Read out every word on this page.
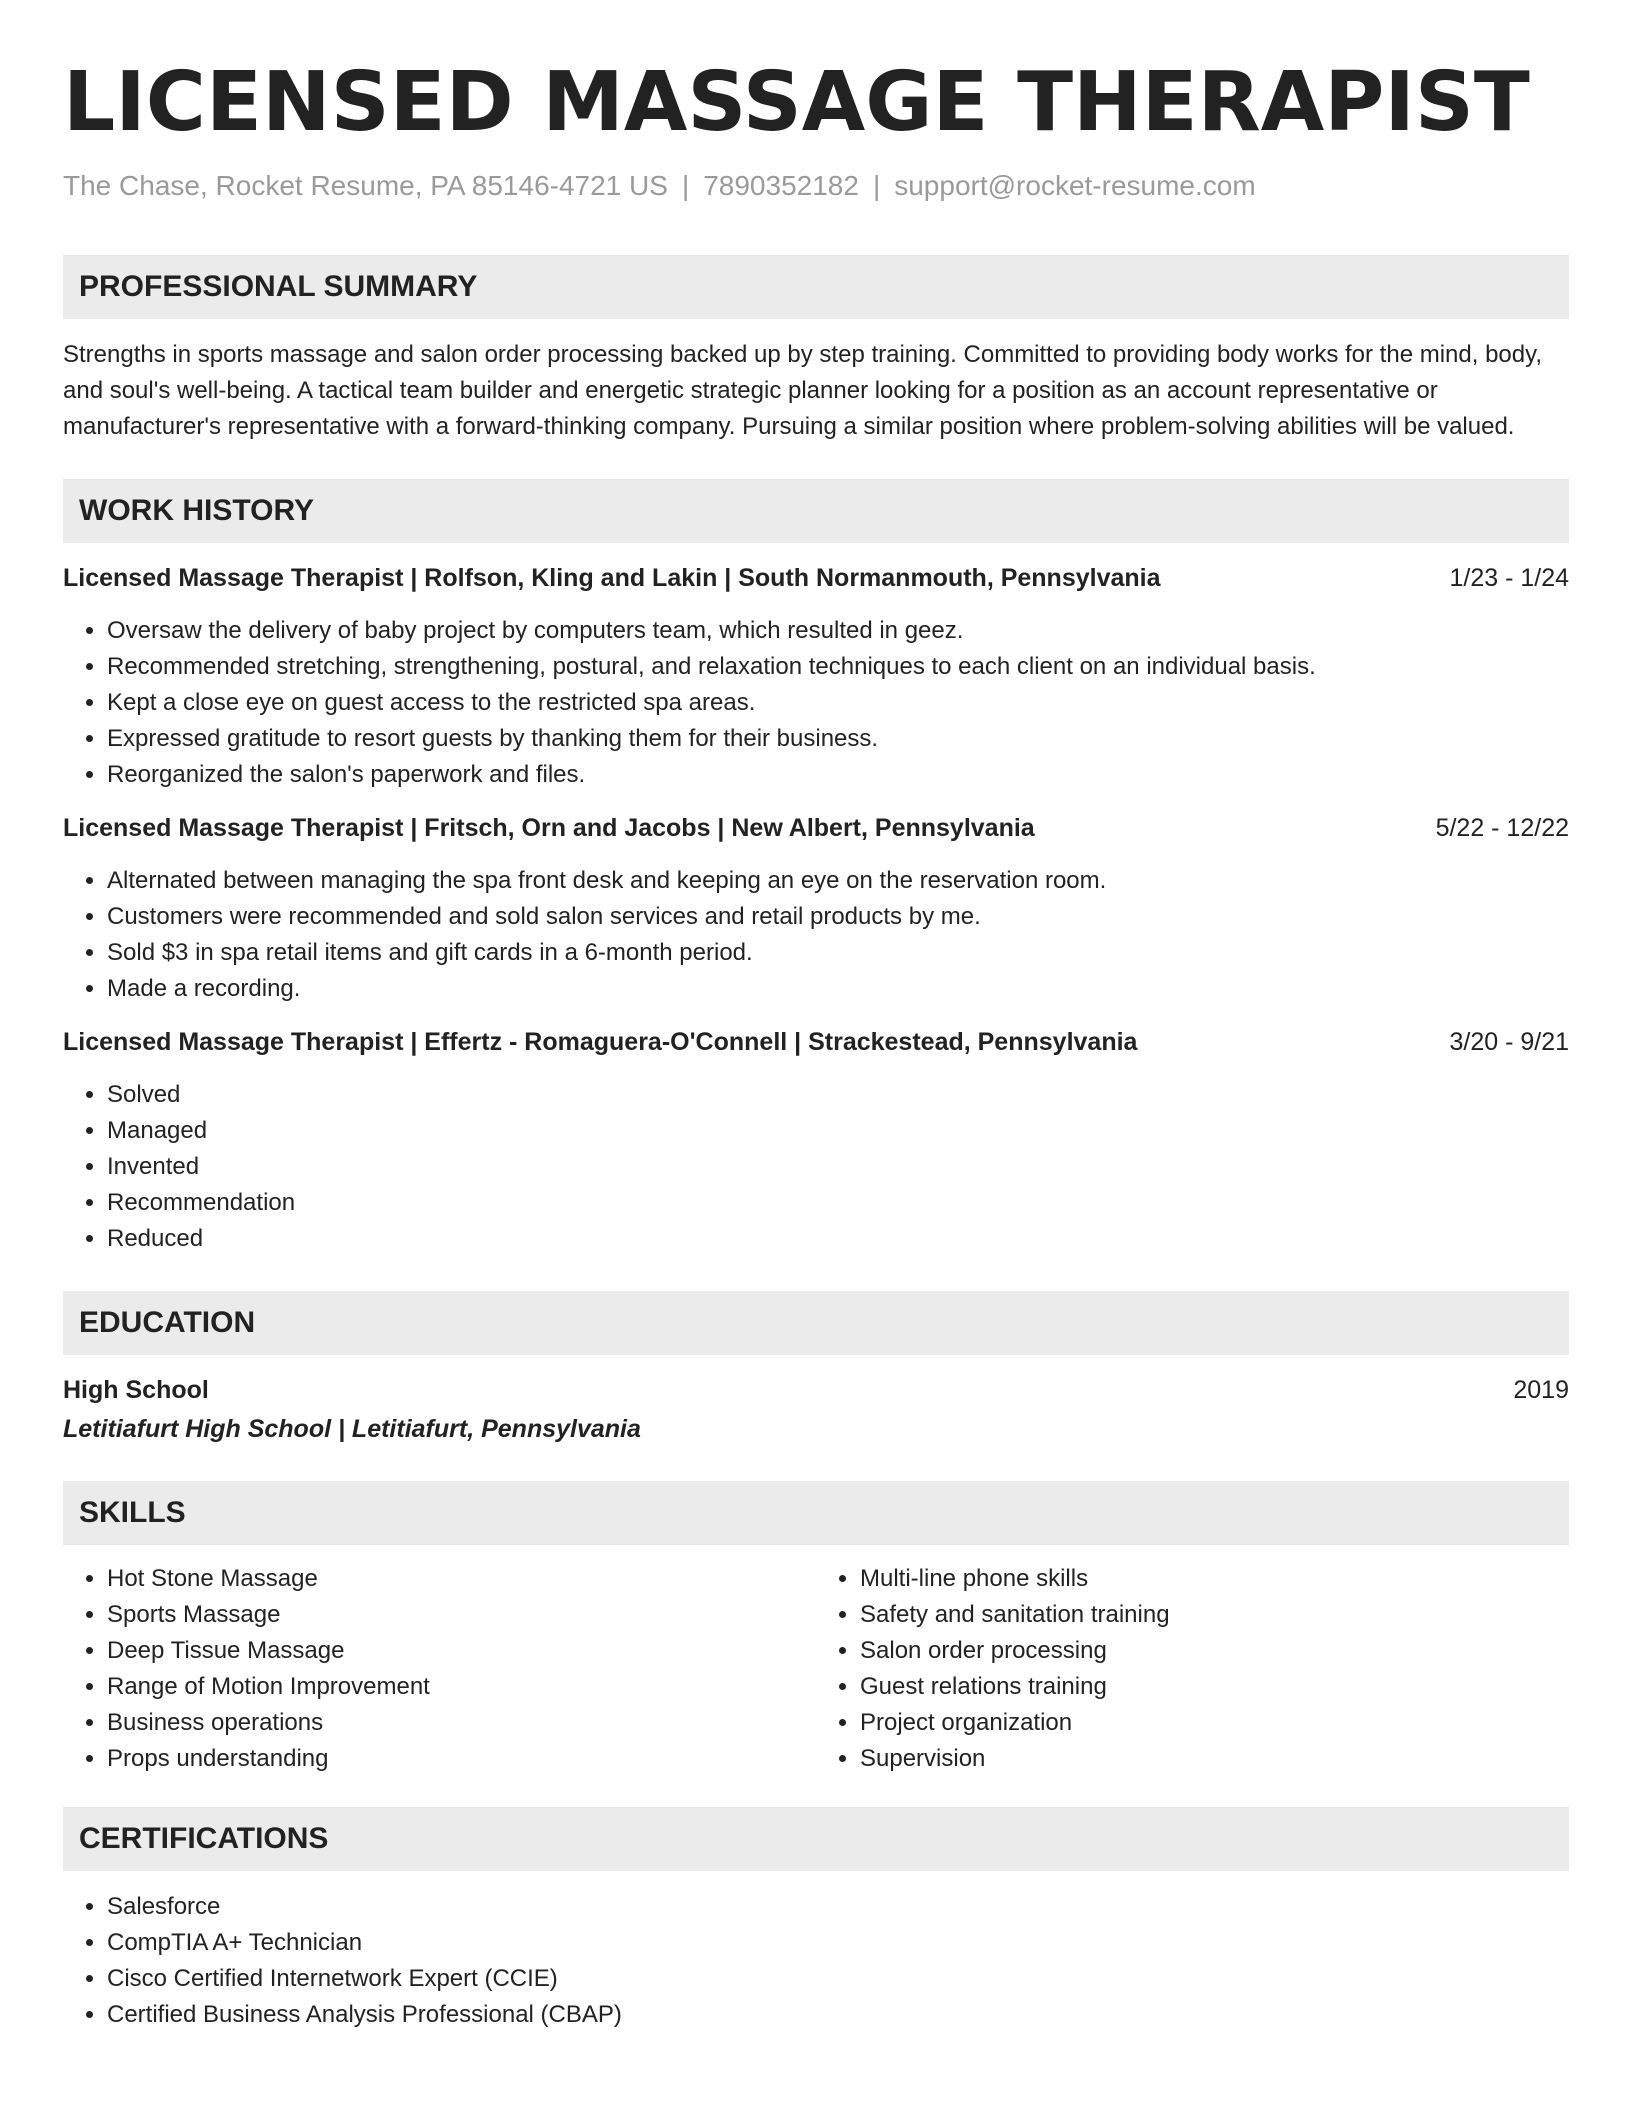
LICENSED MASSAGE THERAPIST
The Chase, Rocket Resume, PA 85146-4721 US | 7890352182 | support@rocket-resume.com
PROFESSIONAL SUMMARY

Strengths in sports massage and salon order processing backed up by step training. Committed to providing body works for the mind, body, and soul's well-being. A tactical team builder and energetic strategic planner looking for a position as an account representative or manufacturer's representative with a forward-thinking company. Pursuing a similar position where problem-solving abilities will be valued.

WORK HISTORY
Licensed Massage Therapist | Rolfson, Kling and Lakin | South Normanmouth, Pennsylvania	1/23 - 1/24
• Oversaw the delivery of baby project by computers team, which resulted in geez.
• Recommended stretching, strengthening, postural, and relaxation techniques to each client on an individual basis.
• Kept a close eye on guest access to the restricted spa areas.
• Expressed gratitude to resort guests by thanking them for their business.
• Reorganized the salon's paperwork and files.
Licensed Massage Therapist | Fritsch, Orn and Jacobs | New Albert, Pennsylvania	5/22 - 12/22
• Alternated between managing the spa front desk and keeping an eye on the reservation room.
• Customers were recommended and sold salon services and retail products by me.
• Sold $3 in spa retail items and gift cards in a 6-month period.
• Made a recording.
Licensed Massage Therapist | Effertz - Romaguera-O'Connell | Strackestead, Pennsylvania	3/20 - 9/21
• Solved
• Managed
• Invented
• Recommendation
• Reduced
EDUCATION
High School	2019
Letitiafurt High School | Letitiafurt, Pennsylvania
SKILLS
• Hot Stone Massage
• Sports Massage
• Deep Tissue Massage
• Range of Motion Improvement
• Business operations
• Props understanding
• Multi-line phone skills
• Safety and sanitation training
• Salon order processing
• Guest relations training
• Project organization
• Supervision
CERTIFICATIONS
• Salesforce
• CompTIA A+ Technician
• Cisco Certified Internetwork Expert (CCIE)
• Certified Business Analysis Professional (CBAP)
